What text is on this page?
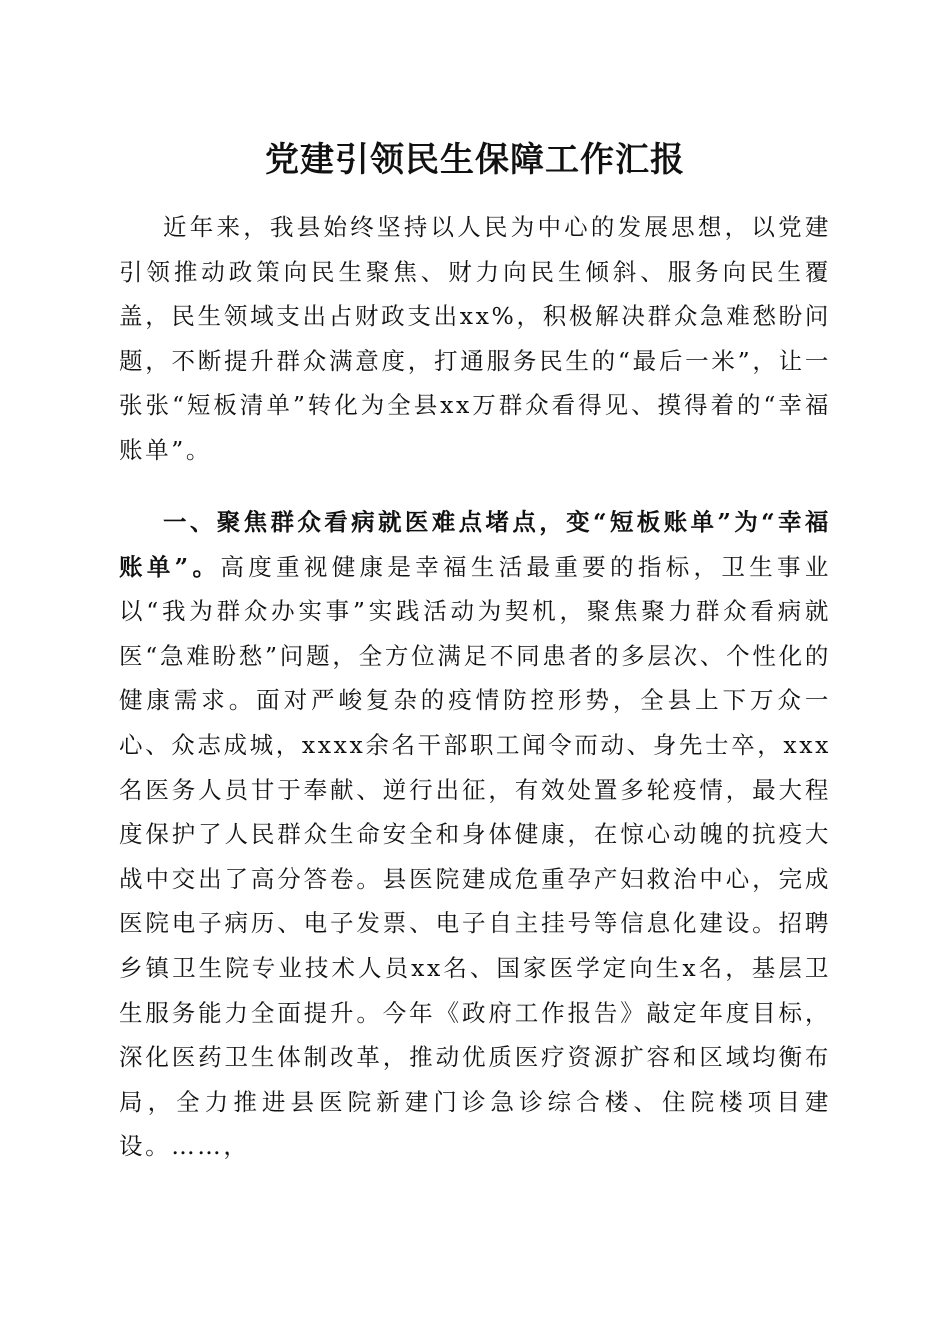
党建引领民生保障工作汇报

近年来，我县始终坚持以人民为中心的发展思想，以党建引领推动政策向民生聚焦、财力向民生倾斜、服务向民生覆盖，民生领域支出占财政支出xx%，积极解决群众急难愁盼问题，不断提升群众满意度，打通服务民生的“最后一米”，让一张张“短板清单”转化为全县xx万群众看得见、摸得着的“幸福账单”。

一、聚焦群众看病就医难点堵点，变“短板账单”为“幸福账单”。高度重视健康是幸福生活最重要的指标，卫生事业以“我为群众办实事”实践活动为契机，聚焦聚力群众看病就医“急难盼愁”问题，全方位满足不同患者的多层次、个性化的健康需求。面对严峻复杂的疫情防控形势，全县上下万众一心、众志成城，xxxx余名干部职工闻令而动、身先士卒，xxx名医务人员甘于奉献、逆行出征，有效处置多轮疫情，最大程度保护了人民群众生命安全和身体健康，在惊心动魄的抗疫大战中交出了高分答卷。县医院建成危重孕产妇救治中心，完成医院电子病历、电子发票、电子自主挂号等信息化建设。招聘乡镇卫生院专业技术人员xx名、国家医学定向生x名，基层卫生服务能力全面提升。今年《政府工作报告》敲定年度目标，深化医药卫生体制改革，推动优质医疗资源扩容和区域均衡布局，全力推进县医院新建门诊急诊综合楼、住院楼项目建设。……，
